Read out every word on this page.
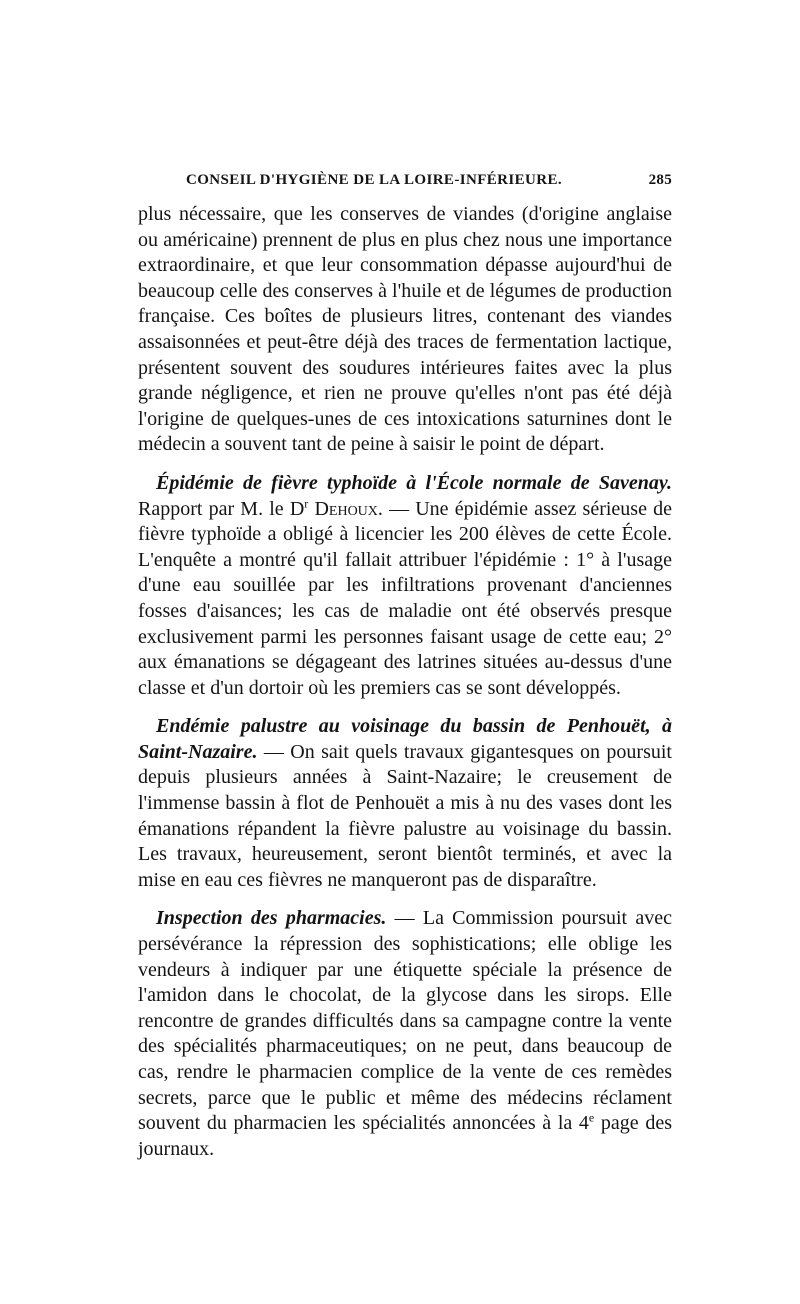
CONSEIL D'HYGIÈNE DE LA LOIRE-INFÉRIEURE.	285

plus nécessaire, que les conserves de viandes (d'origine anglaise ou américaine) prennent de plus en plus chez nous une importance extraordinaire, et que leur consommation dépasse aujourd'hui de beaucoup celle des conserves à l'huile et de légumes de production française. Ces boîtes de plusieurs litres, contenant des viandes assaisonnées et peut-être déjà des traces de fermentation lactique, présentent souvent des soudures intérieures faites avec la plus grande négligence, et rien ne prouve qu'elles n'ont pas été déjà l'origine de quelques-unes de ces intoxications saturnines dont le médecin a souvent tant de peine à saisir le point de départ.

Épidémie de fièvre typhoïde à l'École normale de Savenay. Rapport par M. le $D^r$ Dehoux. — Une épidémie assez sérieuse de fièvre typhoïde a obligé à licencier les 200 élèves de cette École. L'enquête a montré qu'il fallait attribuer l'épidémie : 1° à l'usage d'une eau souillée par les infiltrations provenant d'anciennes fosses d'aisances; les cas de maladie ont été observés presque exclusivement parmi les personnes faisant usage de cette eau; 2° aux émanations se dégageant des latrines situées au-dessus d'une classe et d'un dortoir où les premiers cas se sont développés.

Endémie palustre au voisinage du bassin de Penhouët, à Saint-Nazaire. — On sait quels travaux gigantesques on poursuit depuis plusieurs années à Saint-Nazaire; le creusement de l'immense bassin à flot de Penhouët a mis à nu des vases dont les émanations répandent la fièvre palustre au voisinage du bassin. Les travaux, heureusement, seront bientôt terminés, et avec la mise en eau ces fièvres ne manqueront pas de disparaître.

Inspection des pharmacies. — La Commission poursuit avec persévérance la répression des sophistications; elle oblige les vendeurs à indiquer par une étiquette spéciale la présence de l'amidon dans le chocolat, de la glycose dans les sirops. Elle rencontre de grandes difficultés dans sa campagne contre la vente des spécialités pharmaceutiques; on ne peut, dans beaucoup de cas, rendre le pharmacien complice de la vente de ces remèdes secrets, parce que le public et même des médecins réclament souvent du pharmacien les spécialités annoncées à la 4e page des journaux.
